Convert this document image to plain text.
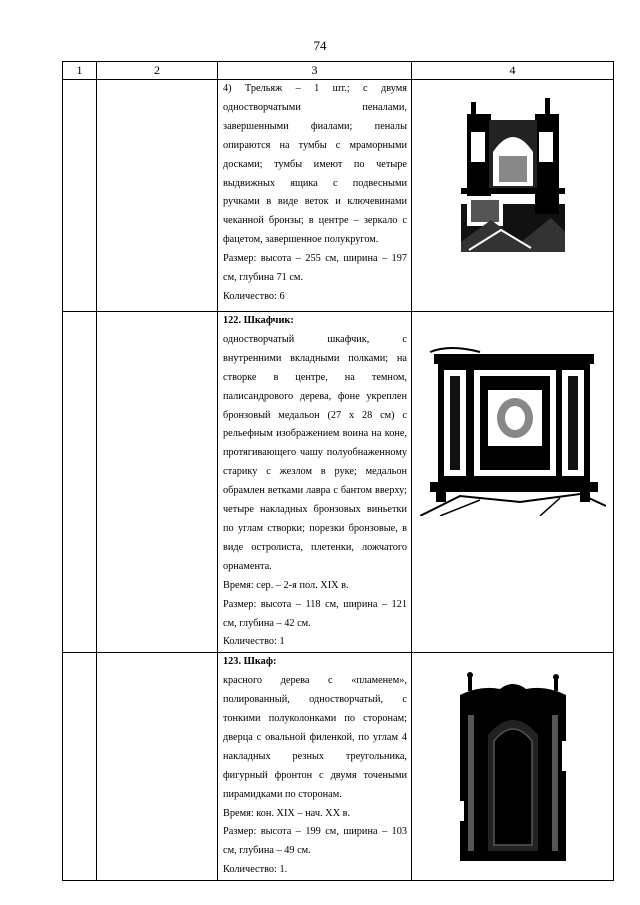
74
1	2	3	4

		4) Трельяж – 1 шт.; с двумя одностворчатыми пеналами, завершенными фиалами; пеналы опираются на тумбы с мраморными досками; тумбы имеют по четыре выдвижных ящика с подвесными ручками в виде веток и ключевинами чеканной бронзы; в центре – зеркало с фацетом, завершенное полукругом.

Размер: высота – 255 см, ширина – 197 см, глубина 71 см.

Количество: 6

		122. Шкафчик:

одностворчатый шкафчик, с внутренними вкладными полками; на створке в центре, на темном, палисандрового дерева, фоне укреплен бронзовый медальон (27 х 28 см) с рельефным изображением воина на коне, протягивающего чашу полуобнаженному старику с жезлом в руке; медальон обрамлен ветками лавра с бантом вверху; четыре накладных бронзовых виньетки по углам створки; порезки бронзовые, в виде остролиста, плетенки, ложчатого орнамента.

Время: сер. – 2-я пол. XIX в.

Размер: высота – 118 см, ширина – 121 см, глубина – 42 см.

Количество: 1

		123. Шкаф:

красного дерева с «пламенем», полированный, одностворчатый, с тонкими полуколонками по сторонам; дверца с овальной филенкой, по углам 4 накладных резных треугольника, фигурный фронтон с двумя точеными пирамидками по сторонам.

Время: кон. XIX – нач. XX в.

Размер: высота – 199 см, ширина – 103 см, глубина – 49 см.

Количество: 1.
